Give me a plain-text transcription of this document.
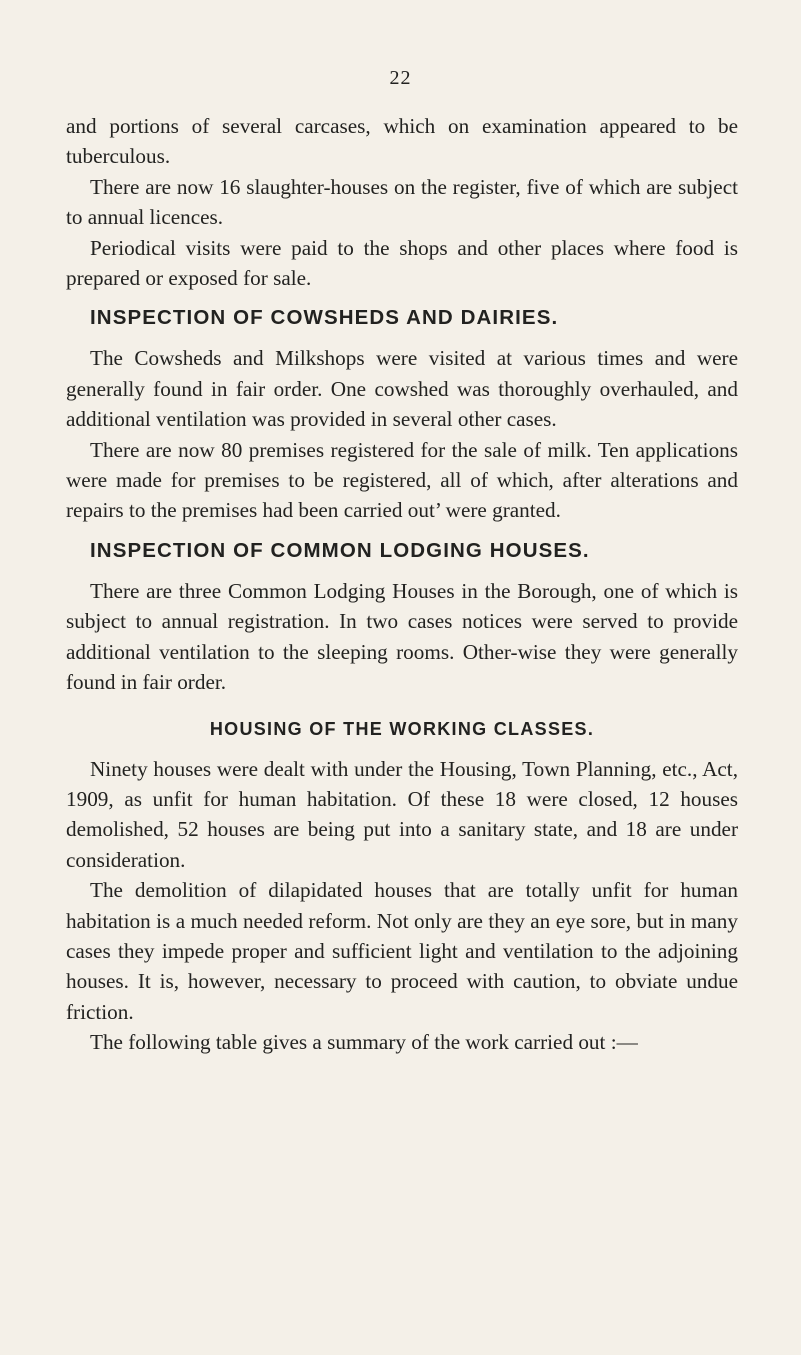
22

and portions of several carcases, which on examination appeared to be tuberculous.

There are now 16 slaughter-houses on the register, five of which are subject to annual licences.

Periodical visits were paid to the shops and other places where food is prepared or exposed for sale.

INSPECTION OF COWSHEDS AND DAIRIES.

The Cowsheds and Milkshops were visited at various times and were generally found in fair order. One cowshed was thoroughly overhauled, and additional ventilation was provided in several other cases.

There are now 80 premises registered for the sale of milk. Ten applications were made for premises to be registered, all of which, after alterations and repairs to the premises had been carried out’ were granted.

INSPECTION OF COMMON LODGING HOUSES.

There are three Common Lodging Houses in the Borough, one of which is subject to annual registration. In two cases notices were served to provide additional ventilation to the sleeping rooms. Other-wise they were generally found in fair order.

HOUSING OF THE WORKING CLASSES.

Ninety houses were dealt with under the Housing, Town Planning, etc., Act, 1909, as unfit for human habitation. Of these 18 were closed, 12 houses demolished, 52 houses are being put into a sanitary state, and 18 are under consideration.

The demolition of dilapidated houses that are totally unfit for human habitation is a much needed reform. Not only are they an eye sore, but in many cases they impede proper and sufficient light and ventilation to the adjoining houses. It is, however, necessary to proceed with caution, to obviate undue friction.

The following table gives a summary of the work carried out :—
